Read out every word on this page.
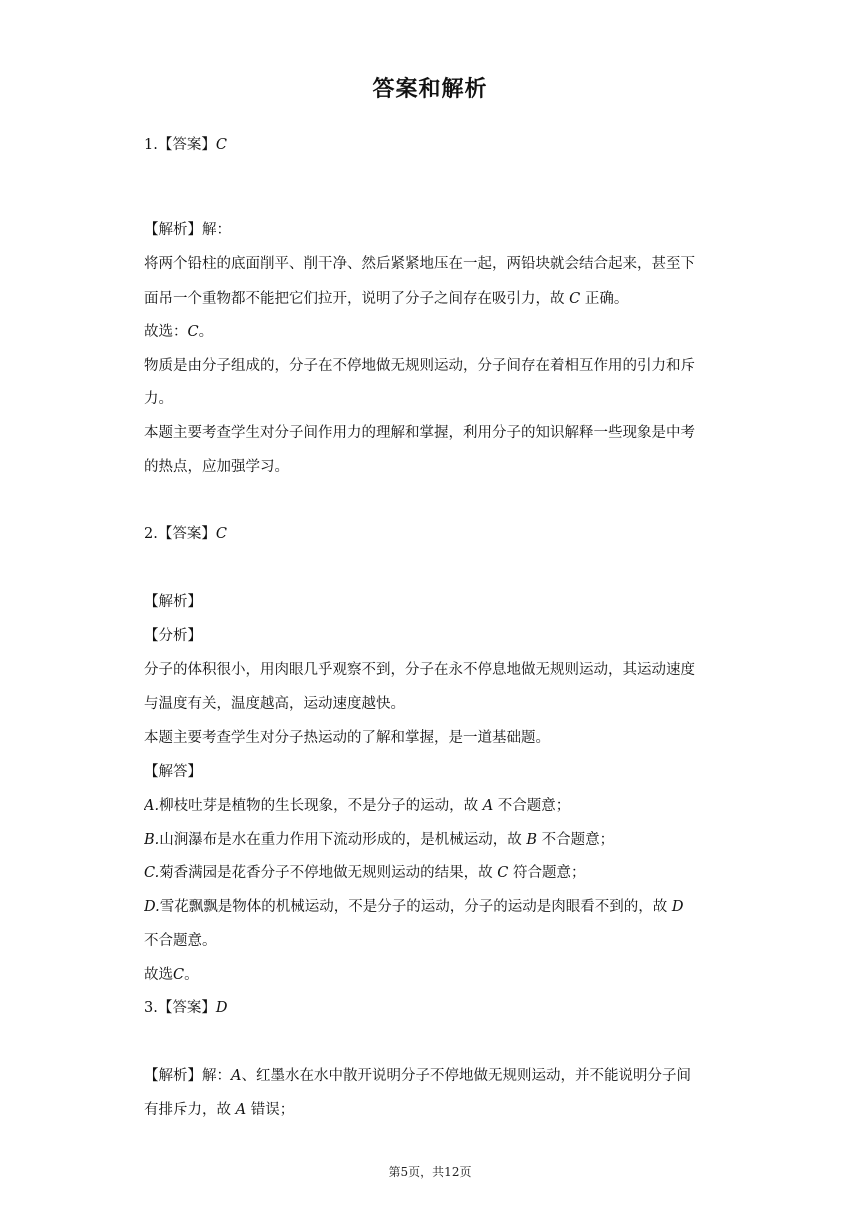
答案和解析
1.【答案】C
【解析】解：
将两个铅柱的底面削平、削干净、然后紧紧地压在一起，两铅块就会结合起来，甚至下
面吊一个重物都不能把它们拉开，说明了分子之间存在吸引力，故 C 正确。
故选：C。
物质是由分子组成的，分子在不停地做无规则运动，分子间存在着相互作用的引力和斥
力。
本题主要考查学生对分子间作用力的理解和掌握，利用分子的知识解释一些现象是中考
的热点，应加强学习。
2.【答案】C
【解析】
【分析】
分子的体积很小，用肉眼几乎观察不到，分子在永不停息地做无规则运动，其运动速度
与温度有关，温度越高，运动速度越快。
本题主要考查学生对分子热运动的了解和掌握，是一道基础题。
【解答】
A.柳枝吐芽是植物的生长现象，不是分子的运动，故 A 不合题意；
B.山涧瀑布是水在重力作用下流动形成的，是机械运动，故 B 不合题意；
C.菊香满园是花香分子不停地做无规则运动的结果，故 C 符合题意；
D.雪花飘飘是物体的机械运动，不是分子的运动，分子的运动是肉眼看不到的，故 D
不合题意。
故选C。
3.【答案】D
【解析】解：A、红墨水在水中散开说明分子不停地做无规则运动，并不能说明分子间
有排斥力，故 A 错误；
第5页，共12页
